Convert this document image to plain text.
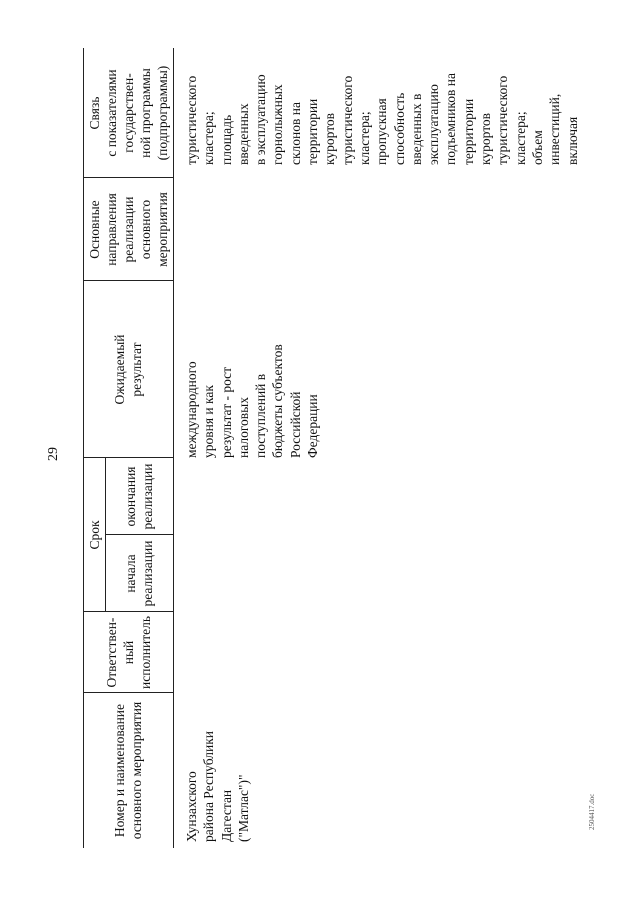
29
2504417.doc
Номер и наименование
основного мероприятия
Ответствен-
ный
исполнитель
Срок
начала
реализации
окончания
реализации
Ожидаемый
результат
Основные
направления
реализации
основного
мероприятия
Связь
с показателями
государствен-
ной программы
(подпрограммы)
Хунзахского
района Республики
Дагестан
("Матлас")"
международного
уровня и как
результат - рост
налоговых
поступлений в
бюджеты субъектов
Российской
Федерации
туристического
кластера;
площадь
введенных
в эксплуатацию
горнолыжных
склонов на
территории
курортов
туристического
кластера;
пропускная
способность
введенных в
эксплуатацию
подъемников на
территории
курортов
туристического
кластера;
объем
инвестиций,
включая
